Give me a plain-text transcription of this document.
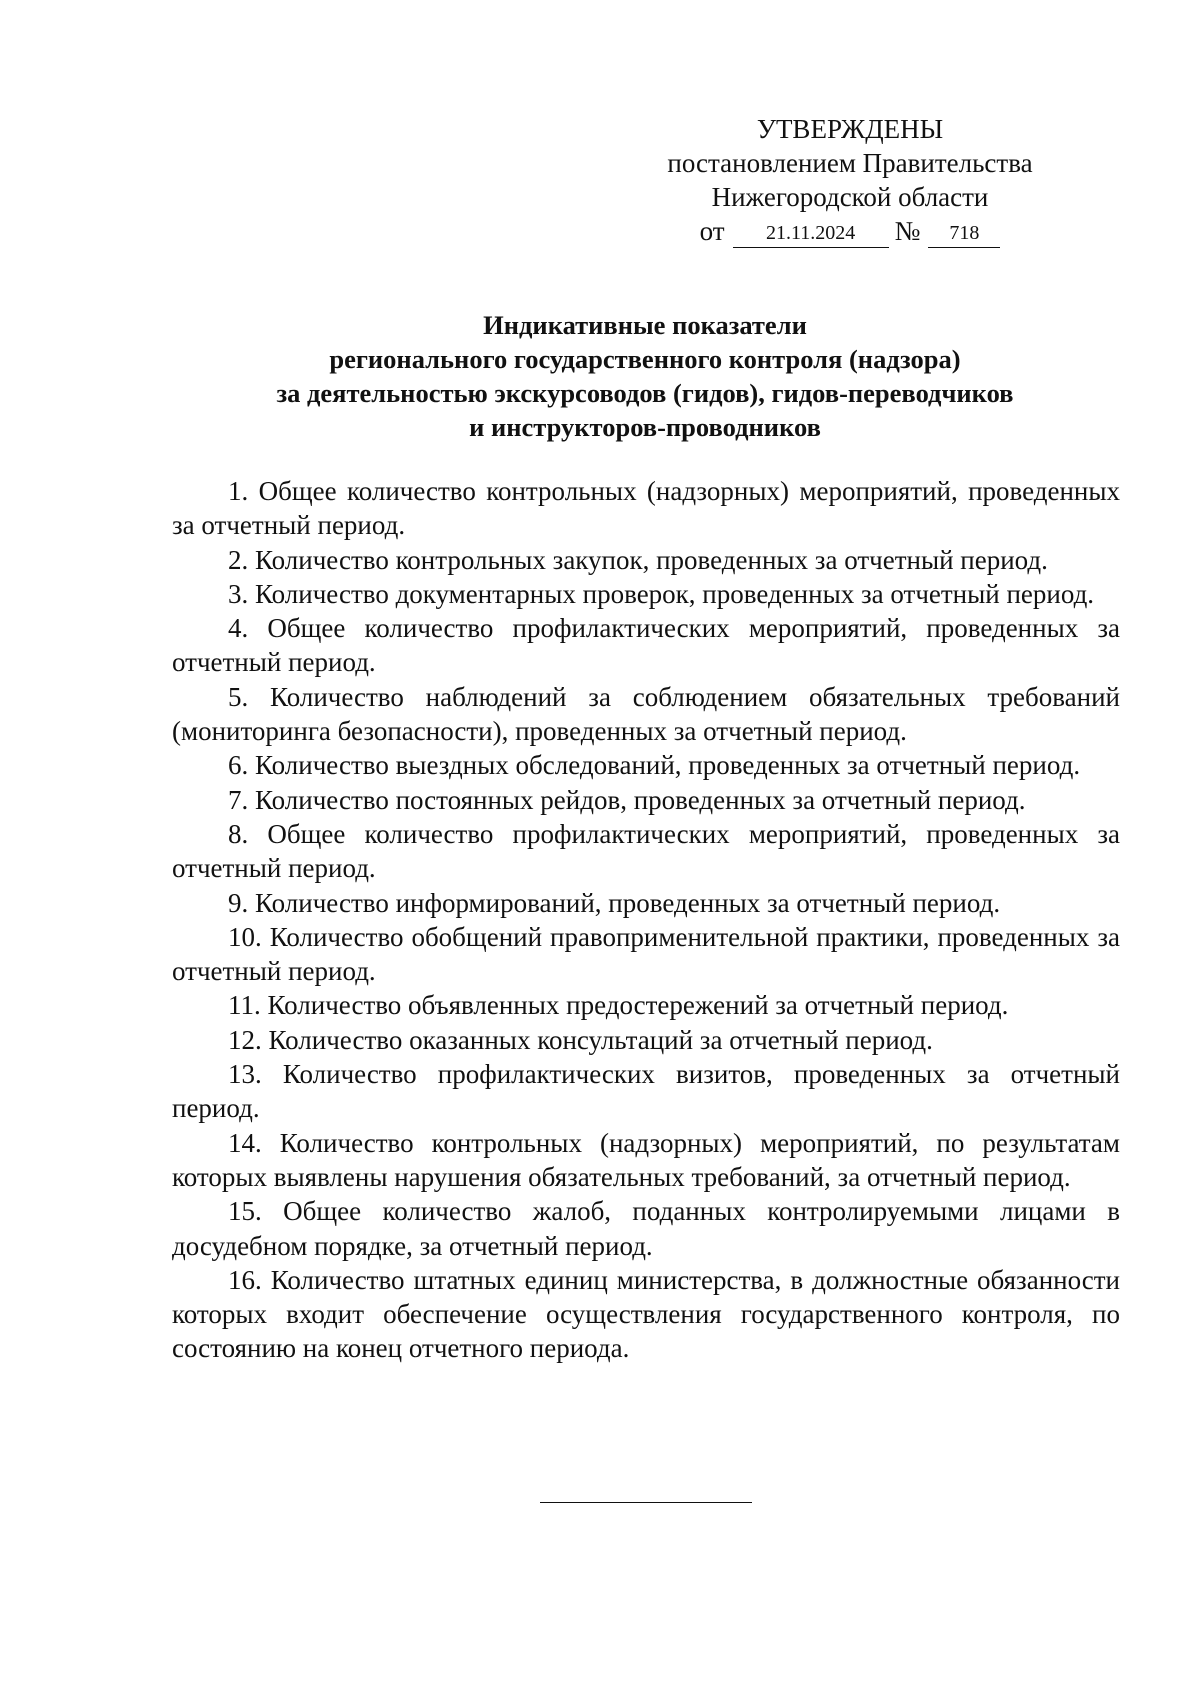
УТВЕРЖДЕНЫ
постановлением Правительства
Нижегородской области
от	21.11.2024	№	718
Индикативные показатели
регионального государственного контроля (надзора)
за деятельностью экскурсоводов (гидов), гидов-переводчиков
и инструкторов-проводников

1. Общее количество контрольных (надзорных) мероприятий, проведенных за отчетный период.

2. Количество контрольных закупок, проведенных за отчетный период.

3. Количество документарных проверок, проведенных за отчетный период.

4. Общее количество профилактических мероприятий, проведенных за отчетный период.

5. Количество наблюдений за соблюдением обязательных требований (мониторинга безопасности), проведенных за отчетный период.

6. Количество выездных обследований, проведенных за отчетный период.

7. Количество постоянных рейдов, проведенных за отчетный период.

8. Общее количество профилактических мероприятий, проведенных за отчетный период.

9. Количество информирований, проведенных за отчетный период.

10. Количество обобщений правоприменительной практики, проведенных за отчетный период.

11. Количество объявленных предостережений за отчетный период.

12. Количество оказанных консультаций за отчетный период.

13. Количество профилактических визитов, проведенных за отчетный период.

14. Количество контрольных (надзорных) мероприятий, по результатам которых выявлены нарушения обязательных требований, за отчетный период.

15. Общее количество жалоб, поданных контролируемыми лицами в досудебном порядке, за отчетный период.

16. Количество штатных единиц министерства, в должностные обязанности которых входит обеспечение осуществления государственного контроля, по состоянию на конец отчетного периода.
